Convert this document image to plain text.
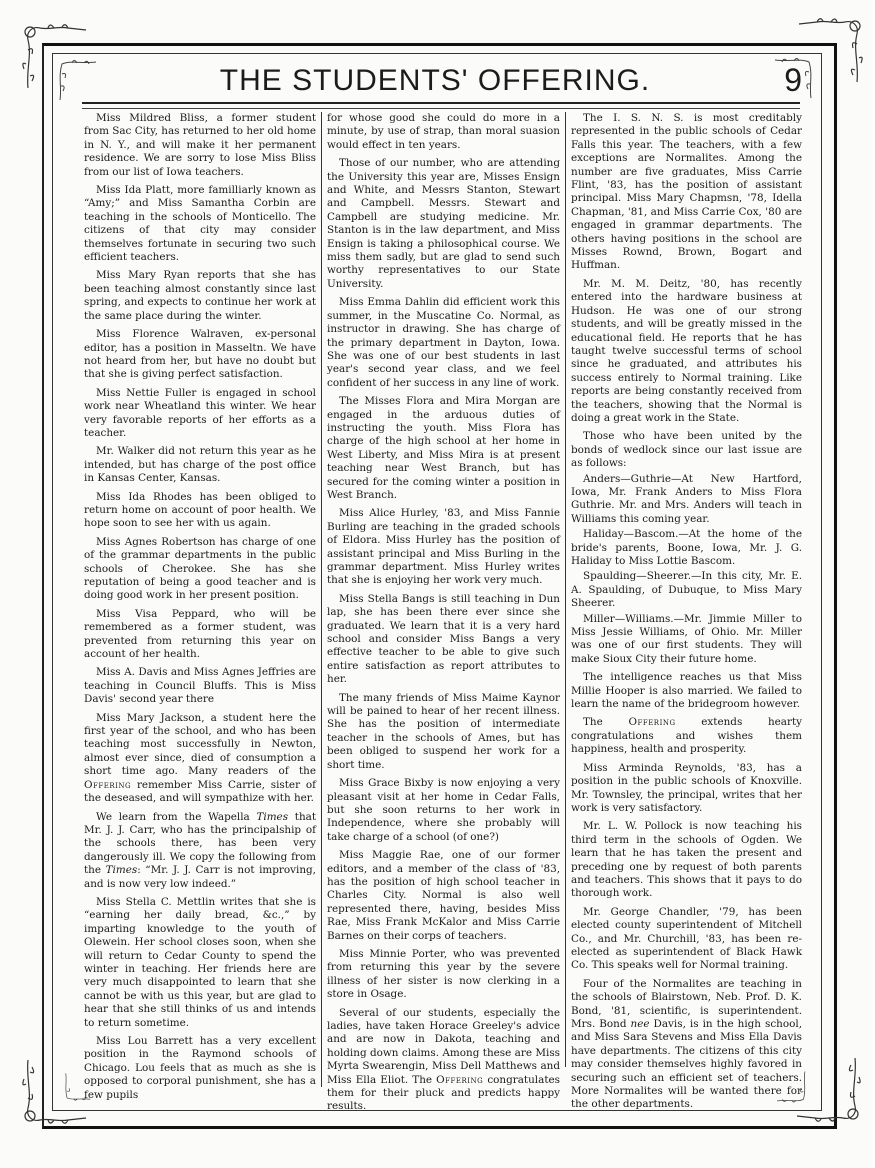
THE STUDENTS' OFFERING.	9

Miss Mildred Bliss, a former student from Sac City, has returned to her old home in N. Y., and will make it her permanent residence. We are sorry to lose Miss Bliss from our list of Iowa teachers.

Miss Ida Platt, more familliarly known as “Amy;” and Miss Samantha Corbin are teaching in the schools of Monticello. The citizens of that city may consider themselves fortunate in securing two such efficient teachers.

Miss Mary Ryan reports that she has been teaching almost constantly since last spring, and expects to continue her work at the same place during the winter.

Miss Florence Walraven, ex-personal editor, has a position in Masseltn. We have not heard from her, but have no doubt but that she is giving perfect satisfaction.

Miss Nettie Fuller is engaged in school work near Wheatland this winter. We hear very favorable reports of her efforts as a teacher.

Mr. Walker did not return this year as he intended, but has charge of the post office in Kansas Center, Kansas.

Miss Ida Rhodes has been obliged to return home on account of poor health. We hope soon to see her with us again.

Miss Agnes Robertson has charge of one of the grammar departments in the public schools of Cherokee. She has she reputation of being a good teacher and is doing good work in her present position.

Miss Visa Peppard, who will be remembered as a former student, was prevented from returning this year on account of her health.

Miss A. Davis and Miss Agnes Jeffries are teaching in Council Bluffs. This is Miss Davis' second year there

Miss Mary Jackson, a student here the first year of the school, and who has been teaching most successfully in Newton, almost ever since, died of consumption a short time ago. Many readers of the Offering remember Miss Carrie, sister of the deseased, and will sympathize with her.

We learn from the Wapella Times that Mr. J. J. Carr, who has the principalship of the schools there, has been very dangerously ill. We copy the following from the Times: “Mr. J. J. Carr is not improving, and is now very low indeed.”

Miss Stella C. Mettlin writes that she is “earning her daily bread, &c.,” by imparting knowledge to the youth of Olewein. Her school closes soon, when she will return to Cedar County to spend the winter in teaching. Her friends here are very much disappointed to learn that she cannot be with us this year, but are glad to hear that she still thinks of us and intends to return sometime.

Miss Lou Barrett has a very excellent position in the Raymond schools of Chicago. Lou feels that as much as she is opposed to corporal punishment, she has a few pupils

for whose good she could do more in a minute, by use of strap, than moral suasion would effect in ten years.

Those of our number, who are attending the University this year are, Misses Ensign and White, and Messrs Stanton, Stewart and Campbell. Messrs. Stewart and Campbell are studying medicine. Mr. Stanton is in the law department, and Miss Ensign is taking a philosophical course. We miss them sadly, but are glad to send such worthy representatives to our State University.

Miss Emma Dahlin did efficient work this summer, in the Muscatine Co. Normal, as instructor in drawing. She has charge of the primary department in Dayton, Iowa. She was one of our best students in last year's second year class, and we feel confident of her success in any line of work.

The Misses Flora and Mira Morgan are engaged in the arduous duties of instructing the youth. Miss Flora has charge of the high school at her home in West Liberty, and Miss Mira is at present teaching near West Branch, but has secured for the coming winter a position in West Branch.

Miss Alice Hurley, '83, and Miss Fannie Burling are teaching in the graded schools of Eldora. Miss Hurley has the position of assistant principal and Miss Burling in the grammar department. Miss Hurley writes that she is enjoying her work very much.

Miss Stella Bangs is still teaching in Dun lap, she has been there ever since she graduated. We learn that it is a very hard school and consider Miss Bangs a very effective teacher to be able to give such entire satisfaction as report attributes to her.

The many friends of Miss Maime Kaynor will be pained to hear of her recent illness. She has the position of intermediate teacher in the schools of Ames, but has been obliged to suspend her work for a short time.

Miss Grace Bixby is now enjoying a very pleasant visit at her home in Cedar Falls, but she soon returns to her work in Independence, where she probably will take charge of a school (of one?)

Miss Maggie Rae, one of our former editors, and a member of the class of '83, has the position of high school teacher in Charles City. Normal is also well represented there, having, besides Miss Rae, Miss Frank McKalor and Miss Carrie Barnes on their corps of teachers.

Miss Minnie Porter, who was prevented from returning this year by the severe illness of her sister is now clerking in a store in Osage.

Several of our students, especially the ladies, have taken Horace Greeley's advice and are now in Dakota, teaching and holding down claims. Among these are Miss Myrta Swearengin, Miss Dell Matthews and Miss Ella Eliot. The Offering congratulates them for their pluck and predicts happy results.

The I. S. N. S. is most creditably represented in the public schools of Cedar Falls this year. The teachers, with a few exceptions are Normalites. Among the number are five graduates, Miss Carrie Flint, '83, has the position of assistant principal. Miss Mary Chapmsn, '78, Idella Chapman, '81, and Miss Carrie Cox, '80 are engaged in grammar departments. The others having positions in the school are Misses Rownd, Brown, Bogart and Huffman.

Mr. M. M. Deitz, '80, has recently entered into the hardware business at Hudson. He was one of our strong students, and will be greatly missed in the educational field. He reports that he has taught twelve successful terms of school since he graduated, and attributes his success entirely to Normal training. Like reports are being constantly received from the teachers, showing that the Normal is doing a great work in the State.

Those who have been united by the bonds of wedlock since our last issue are as follows:

Anders—Guthrie—At New Hartford, Iowa, Mr. Frank Anders to Miss Flora Guthrie. Mr. and Mrs. Anders will teach in Williams this coming year.

Haliday—Bascom.—At the home of the bride's parents, Boone, Iowa, Mr. J. G. Haliday to Miss Lottie Bascom.

Spaulding—Sheerer.—In this city, Mr. E. A. Spaulding, of Dubuque, to Miss Mary Sheerer.

Miller—Williams.—Mr. Jimmie Miller to Miss Jessie Williams, of Ohio. Mr. Miller was one of our first students. They will make Sioux City their future home.

The intelligence reaches us that Miss Millie Hooper is also married. We failed to learn the name of the bridegroom however.

The Offering extends hearty congratulations and wishes them happiness, health and prosperity.

Miss Arminda Reynolds, '83, has a position in the public schools of Knoxville. Mr. Townsley, the principal, writes that her work is very satisfactory.

Mr. L. W. Pollock is now teaching his third term in the schools of Ogden. We learn that he has taken the present and preceding one by request of both parents and teachers. This shows that it pays to do thorough work.

Mr. George Chandler, '79, has been elected county superintendent of Mitchell Co., and Mr. Churchill, '83, has been re-elected as superintendent of Black Hawk Co. This speaks well for Normal training.

Four of the Normalites are teaching in the schools of Blairstown, Neb. Prof. D. K. Bond, '81, scientific, is superintendent. Mrs. Bond nee Davis, is in the high school, and Miss Sara Stevens and Miss Ella Davis have departments. The citizens of this city may consider themselves highly favored in securing such an efficient set of teachers. More Normalites will be wanted there for the other departments.
